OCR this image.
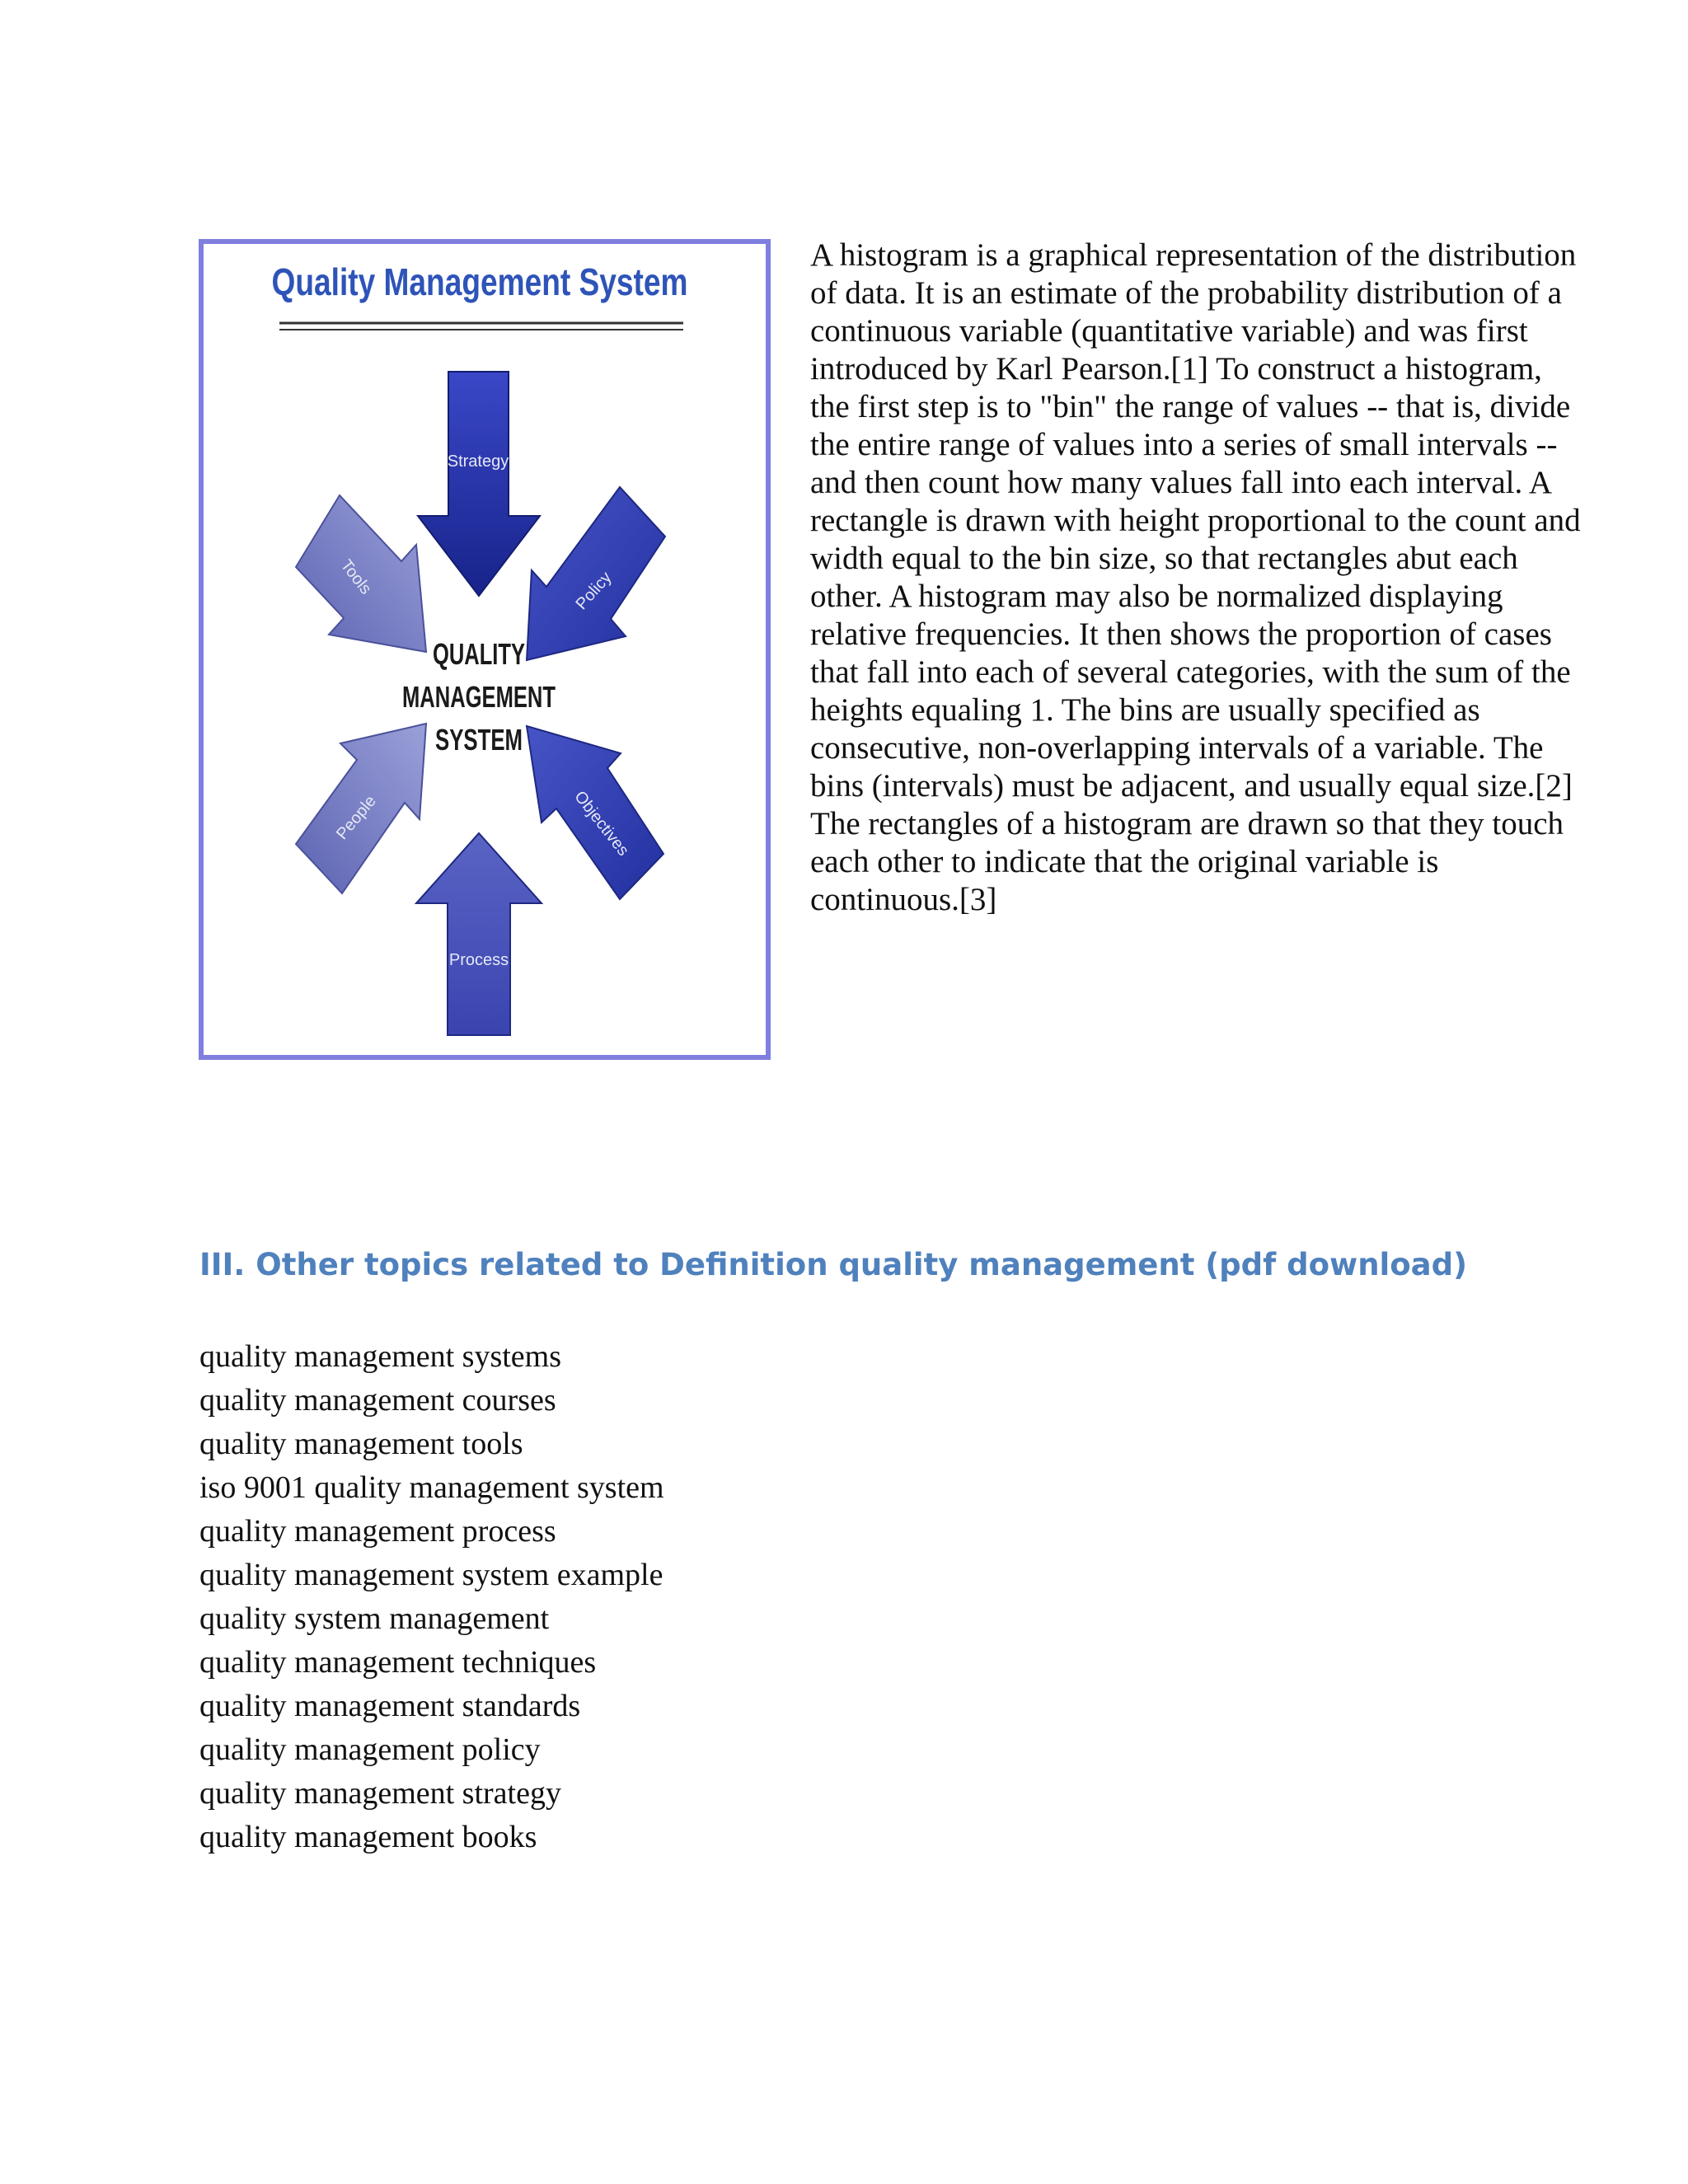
Quality Management System
Strategy
Process
Policy
Objectives
Tools
People
QUALITY
MANAGEMENT
SYSTEM

A histogram is a graphical representation of the distribution of data. It is an estimate of the probability distribution of a continuous variable (quantitative variable) and was first introduced by Karl Pearson.[1] To construct a histogram, the first step is to "bin" the range of values -- that is, divide the entire range of values into a series of small intervals -- and then count how many values fall into each interval. A rectangle is drawn with height proportional to the count and width equal to the bin size, so that rectangles abut each other. A histogram may also be normalized displaying relative frequencies. It then shows the proportion of cases that fall into each of several categories, with the sum of the heights equaling 1. The bins are usually specified as consecutive, non-overlapping intervals of a variable. The bins (intervals) must be adjacent, and usually equal size.[2] The rectangles of a histogram are drawn so that they touch each other to indicate that the original variable is continuous.[3]

III. Other topics related to Definition quality management (pdf download)
quality management systems
quality management courses
quality management tools
iso 9001 quality management system
quality management process
quality management system example
quality system management
quality management techniques
quality management standards
quality management policy
quality management strategy
quality management books
